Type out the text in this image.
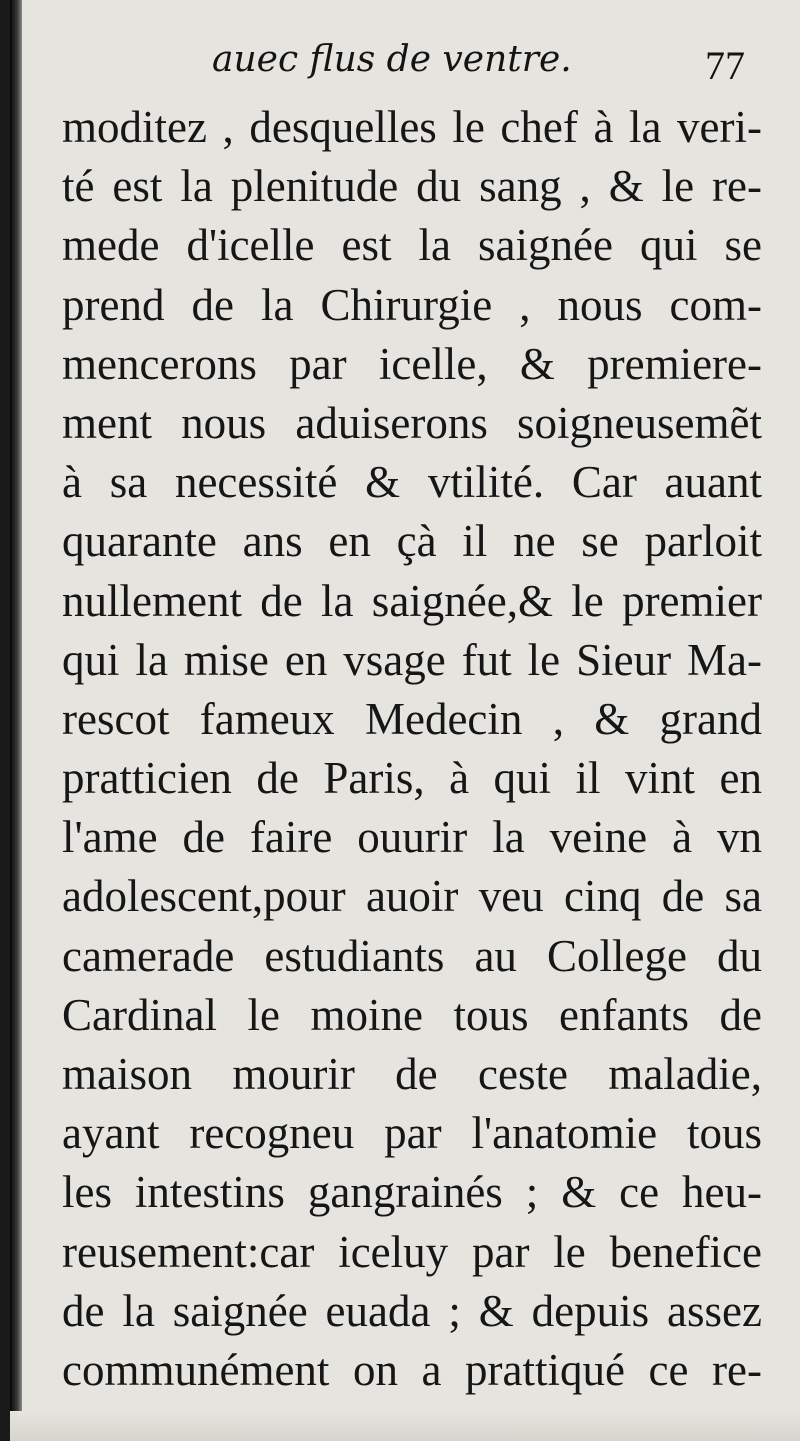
auec flus de ventre.	77
moditez , desquelles le chef à la veri-
té est la plenitude du sang , & le re-
mede d'icelle est la saignée qui se
prend de la Chirurgie , nous com-
mencerons par icelle, & premiere-
ment nous aduiserons soigneusemẽt
à sa necessité & vtilité. Car auant
quarante ans en çà il ne se parloit
nullement de la saignée,& le premier
qui la mise en vsage fut le Sieur Ma-
rescot fameux Medecin , & grand
pratticien de Paris, à qui il vint en
l'ame de faire ouurir la veine à vn
adolescent,pour auoir veu cinq de sa
camerade estudiants au College du
Cardinal le moine tous enfants de
maison mourir de ceste maladie,
ayant recogneu par l'anatomie tous
les intestins gangrainés ; & ce heu-
reusement:car iceluy par le benefice
de la saignée euada ; & depuis assez
communément on a prattiqué ce re-
